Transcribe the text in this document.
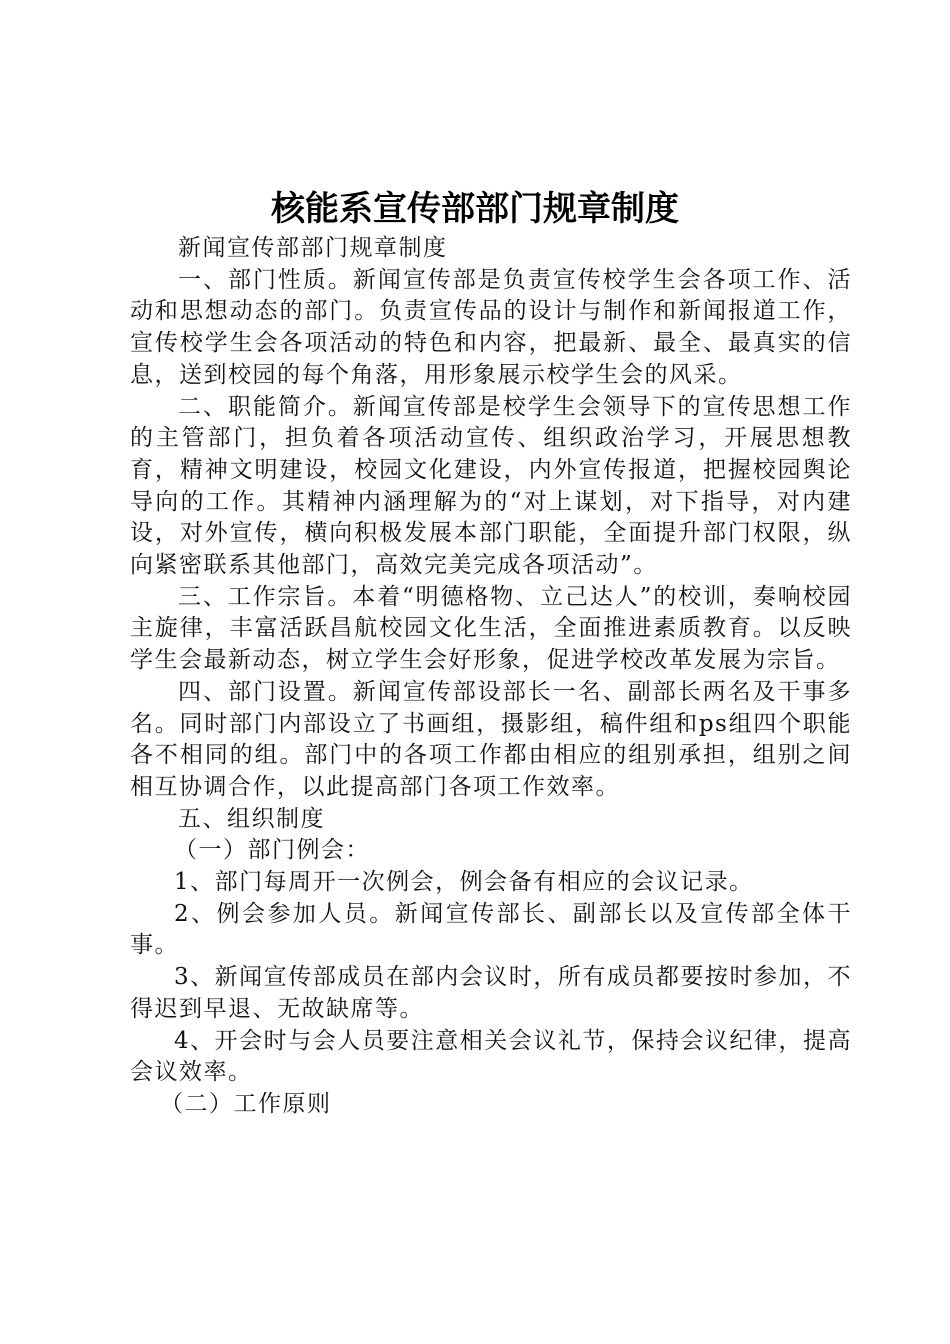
核能系宣传部部门规章制度

新闻宣传部部门规章制度

一、部门性质。新闻宣传部是负责宣传校学生会各项工作、活动和思想动态的部门。负责宣传品的设计与制作和新闻报道工作，宣传校学生会各项活动的特色和内容，把最新、最全、最真实的信息，送到校园的每个角落，用形象展示校学生会的风采。

二、职能简介。新闻宣传部是校学生会领导下的宣传思想工作的主管部门，担负着各项活动宣传、组织政治学习，开展思想教育，精神文明建设，校园文化建设，内外宣传报道，把握校园舆论导向的工作。其精神内涵理解为的“对上谋划，对下指导，对内建设，对外宣传，横向积极发展本部门职能，全面提升部门权限，纵向紧密联系其他部门，高效完美完成各项活动”。

三、工作宗旨。本着“明德格物、立己达人”的校训，奏响校园主旋律，丰富活跃昌航校园文化生活，全面推进素质教育。以反映学生会最新动态，树立学生会好形象，促进学校改革发展为宗旨。

四、部门设置。新闻宣传部设部长一名、副部长两名及干事多名。同时部门内部设立了书画组，摄影组，稿件组和ps组四个职能各不相同的组。部门中的各项工作都由相应的组别承担，组别之间相互协调合作，以此提高部门各项工作效率。

五、组织制度

（一）部门例会：

1、部门每周开一次例会，例会备有相应的会议记录。

2、例会参加人员。新闻宣传部长、副部长以及宣传部全体干事。

3、新闻宣传部成员在部内会议时，所有成员都要按时参加，不得迟到早退、无故缺席等。

4、开会时与会人员要注意相关会议礼节，保持会议纪律，提高会议效率。

（二）工作原则
